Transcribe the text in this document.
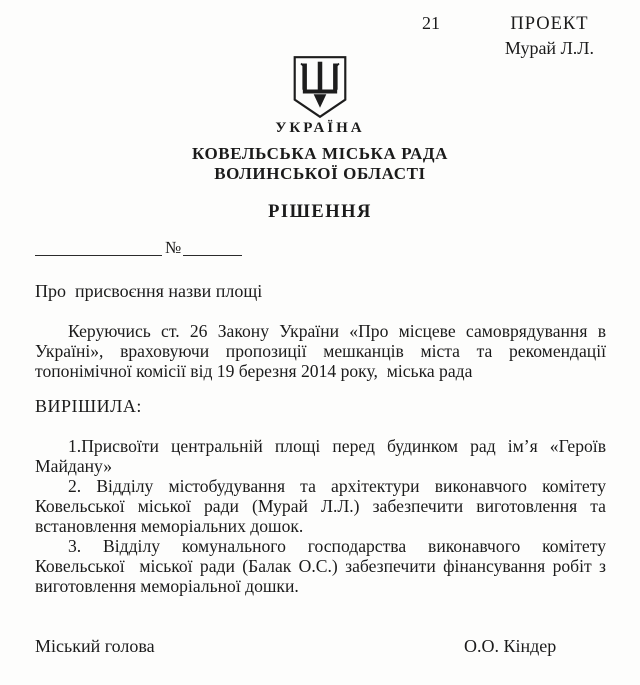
21	ПРОЕКТ
Мурай Л.Л.
УКРАЇНА
КОВЕЛЬСЬКА МІСЬКА РАДА
ВОЛИНСЬКОЇ ОБЛАСТІ
РІШЕННЯ
№
Про  присвоєння назви площі
Керуючись ст. 26 Закону України «Про місцеве самоврядування в
Україні», враховуючи пропозиції мешканців міста та рекомендації
топонімічної комісії від 19 березня 2014 року,  міська рада
ВИРІШИЛА:
1.Присвоїти центральній площі перед будинком рад ім’я «Героїв
Майдану»
2. Відділу містобудування та архітектури виконавчого комітету
Ковельської міської ради (Мурай Л.Л.) забезпечити виготовлення та
встановлення меморіальних дошок.
3. Відділу комунального господарства виконавчого комітету
Ковельської  міської ради (Балак О.С.) забезпечити фінансування робіт з
виготовлення меморіальної дошки.
Міський голова	О.О. Кіндер
